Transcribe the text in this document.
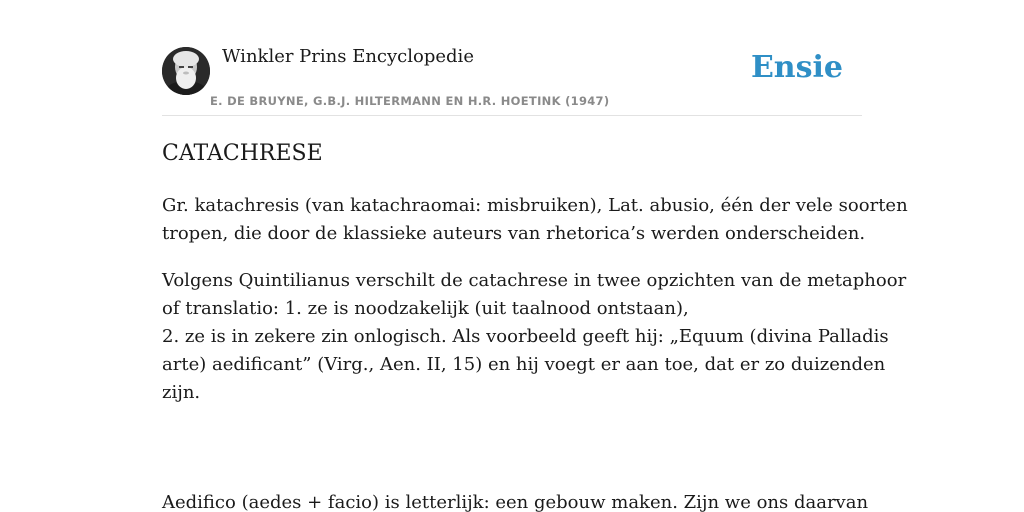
Winkler Prins Encyclopedie
E. DE BRUYNE, G.B.J. HILTERMANN EN H.R. HOETINK (1947)
Ensie
CATACHRESE

Gr. katachresis (van katachraomai: misbruiken), Lat. abusio, één der vele soorten
tropen, die door de klassieke auteurs van rhetorica’s werden onderscheiden.

Volgens Quintilianus verschilt de catachrese in twee opzichten van de metaphoor
of translatio: 1. ze is noodzakelijk (uit taalnood ontstaan),
2. ze is in zekere zin onlogisch. Als voorbeeld geeft hij: „Equum (divina Palladis
arte) aedificant” (Virg., Aen. II, 15) en hij voegt er aan toe, dat er zo duizenden
zijn.

Aedifico (aedes + facio) is letterlijk: een gebouw maken. Zijn we ons daarvan
